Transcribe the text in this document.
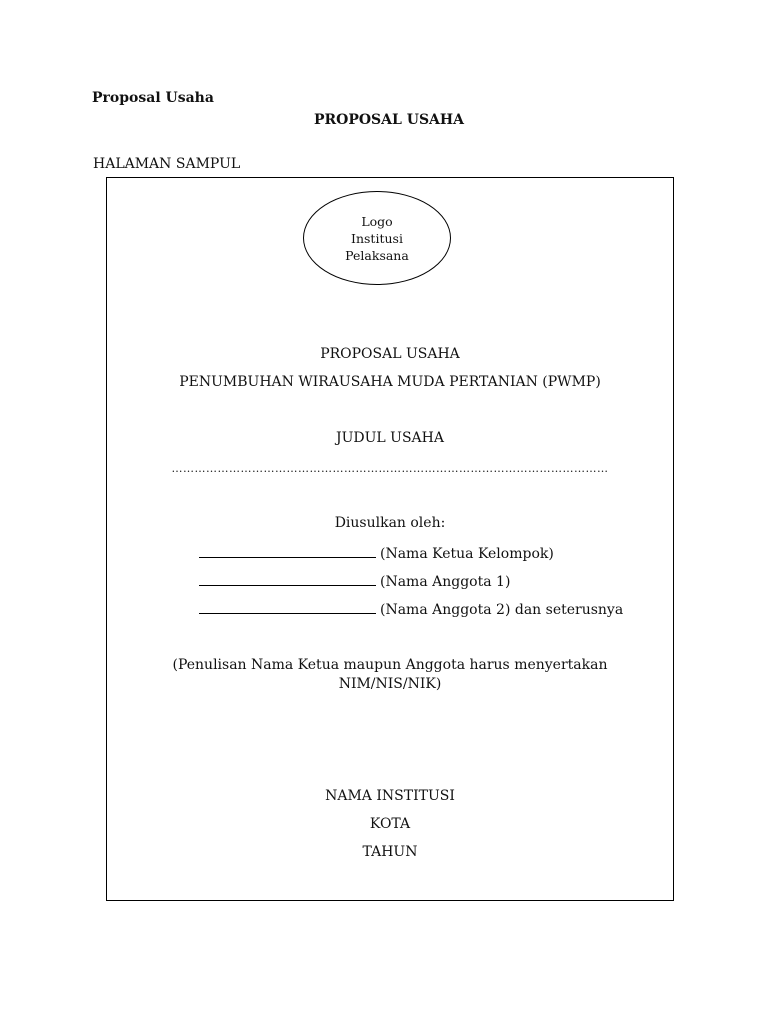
Proposal Usaha
PROPOSAL USAHA
HALAMAN SAMPUL
Logo
Institusi
Pelaksana
PROPOSAL USAHA
PENUMBUHAN WIRAUSAHA MUDA PERTANIAN (PWMP)
JUDUL USAHA
……………………………………………………………………………………………………
Diusulkan oleh:
(Nama Ketua Kelompok)
(Nama Anggota 1)
(Nama Anggota 2) dan seterusnya
(Penulisan Nama Ketua maupun Anggota harus menyertakan
NIM/NIS/NIK)
NAMA INSTITUSI
KOTA
TAHUN
